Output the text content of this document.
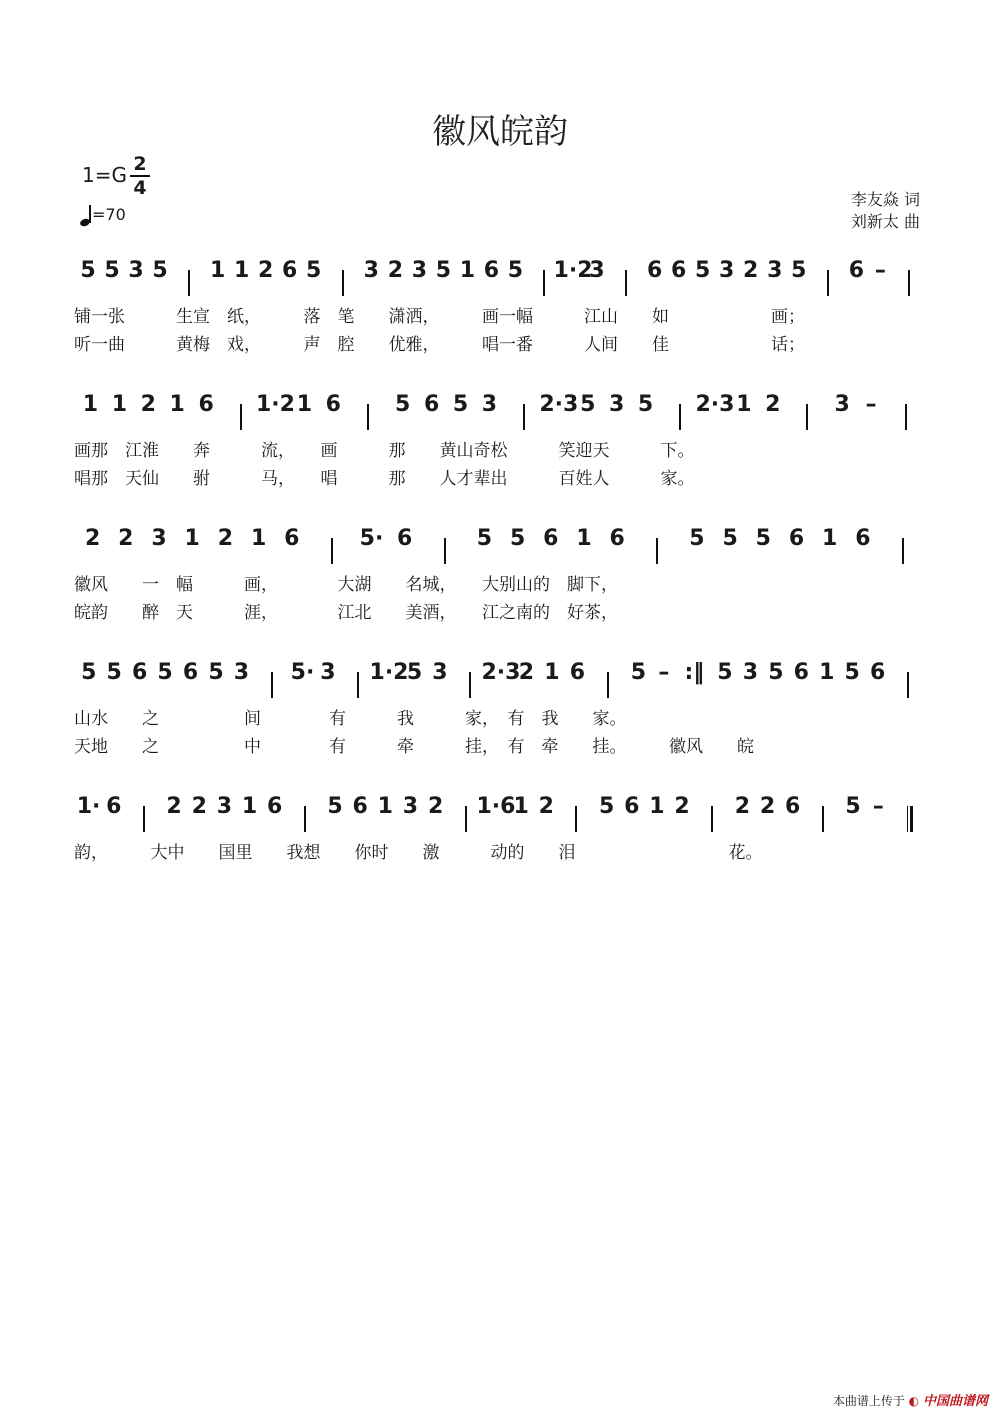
徽风皖韵
1=G 2
4
=70
李友焱 词
刘新太 曲
5 5 3 5 1 1 2 6 5 3 2 3 5 1 6 5 1·2
3 6 6 5 3 2 3 5 6 –
铺一张　　　生宣　纸，　　　落　笔　　潇洒，　　　画一幅　　　江山　　如　　　　　　画；
听一曲　　　黄梅　戏，　　　声　腔　　优雅，　　　唱一番　　　人间　　佳　　　　　　话；
1 1 2 1 6 1·2 1 6 5 6 5 3 2·3 5 3 5 2·3 1 2 3 –
画那　江淮　　奔　　　流，　　画　　　那　　黄山奇松　　　笑迎天　　　下。
唱那　天仙　　驸　　　马，　　唱　　　那　　人才辈出　　　百姓人　　　家。
2 2 3 1 2 1 6	5· 6	5 5 6 1 6	5 5 5 6 1 6
徽风　　一　幅　　　画，　　　　大湖　　名城，　　大别山的　脚下，
皖韵　　醉　天　　　涯，　　　　江北　　美酒，　　江之南的　好茶，
5 5 6 5 6 5 3 5· 3 1·2
5 3 2·3
2 1 6 5 – :‖ 5 3 5 6 1 5 6
山水　　之　　　　　间　　　　有　　　我　　　家，　有　我　　家。
天地　　之　　　　　中　　　　有　　　牵　　　挂，　有　牵　　挂。　　　徽风　　皖
1· 6 2 2 3 1 6 5 6 1 3 2 1·6
1 2 5 6 1 2 2 2 6 5 –
韵，　　　大中　　国里　　我想　　你时　　激　　　动的　　泪　　　　　　　　　花。
本曲谱上传于 ◐ 中国曲谱网
